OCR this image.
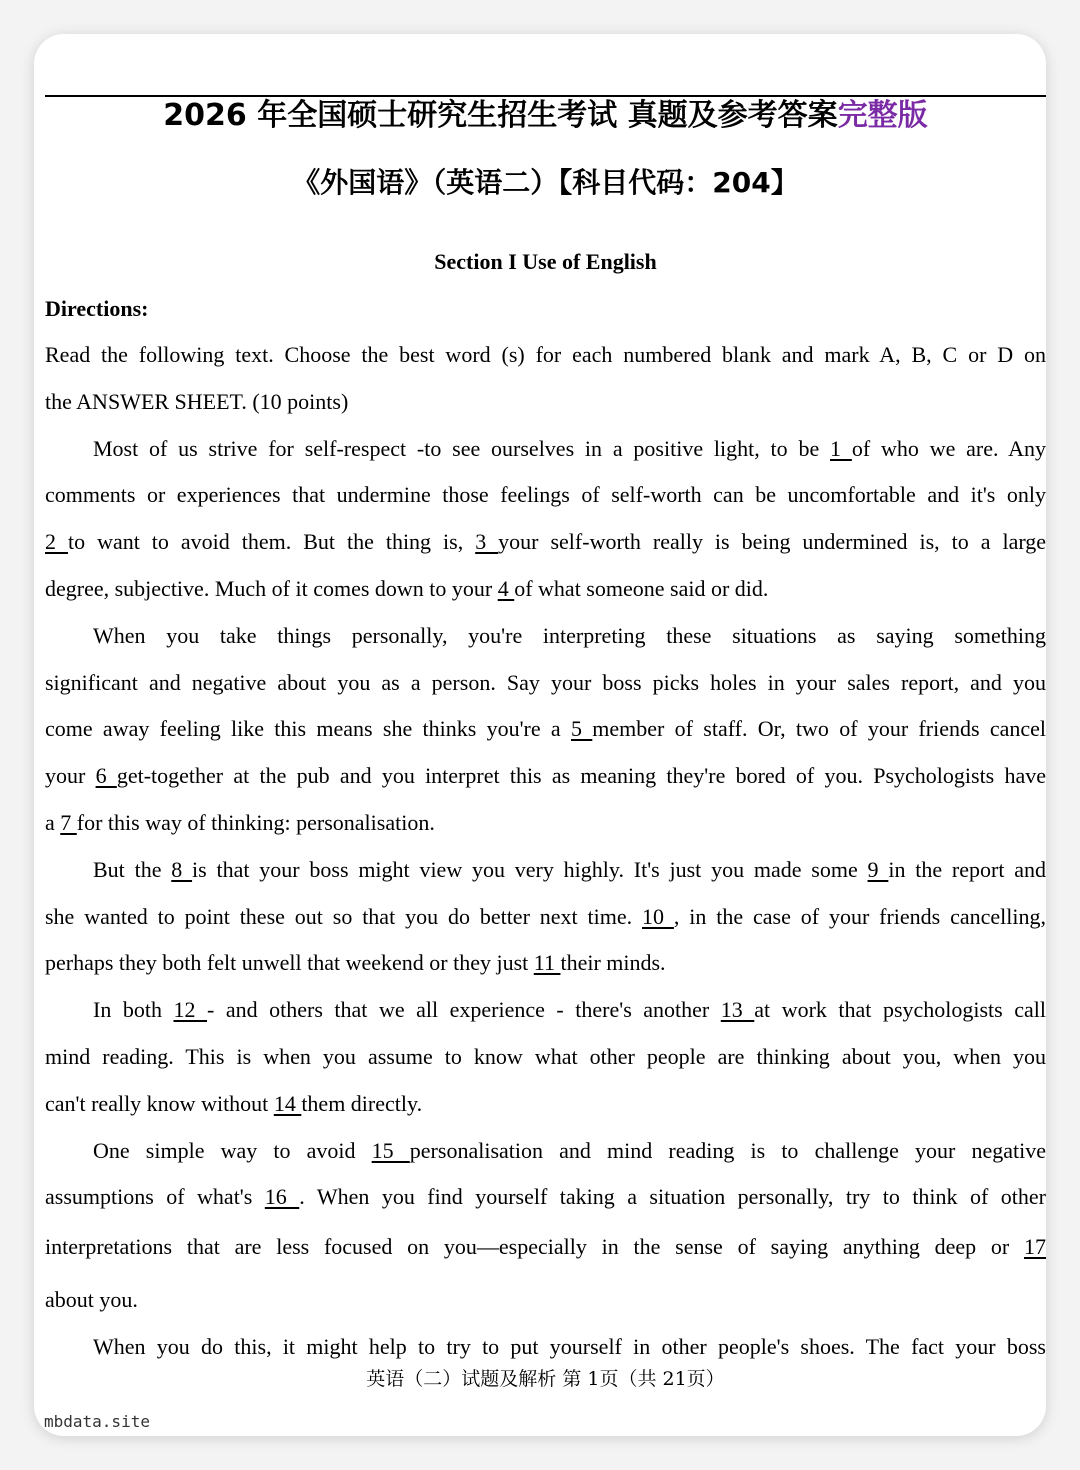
2026 年全国硕士研究生招生考试 真题及参考答案完整版
《外国语》（英语二）【科目代码：204】
Section I Use of English
Directions:
Read the following text. Choose the best word (s) for each numbered blank and mark A, B, C or D on
the ANSWER SHEET. (10 points)
Most of us strive for self-respect -to see ourselves in a positive light, to be 1 of who we are. Any
comments or experiences that undermine those feelings of self-worth can be uncomfortable and it's only
2 to want to avoid them. But the thing is, 3 your self-worth really is being undermined is, to a large
degree, subjective. Much of it comes down to your 4 of what someone said or did.
When you take things personally, you're interpreting these situations as saying something
significant and negative about you as a person. Say your boss picks holes in your sales report, and you
come away feeling like this means she thinks you're a 5 member of staff. Or, two of your friends cancel
your 6 get-together at the pub and you interpret this as meaning they're bored of you. Psychologists have
a 7 for this way of thinking: personalisation.
But the 8 is that your boss might view you very highly. It's just you made some 9 in the report and
she wanted to point these out so that you do better next time. 10 , in the case of your friends cancelling,
perhaps they both felt unwell that weekend or they just 11 their minds.
In both 12 - and others that we all experience - there's another 13 at work that psychologists call
mind reading. This is when you assume to know what other people are thinking about you, when you
can't really know without 14 them directly.
One simple way to avoid 15 personalisation and mind reading is to challenge your negative
assumptions of what's 16 . When you find yourself taking a situation personally, try to think of other
interpretations that are less focused on you—especially in the sense of saying anything deep or 17
about you.
When you do this, it might help to try to put yourself in other people's shoes. The fact your boss
英语（二）试题及解析 第 1页（共 21页）
mbdata.site
